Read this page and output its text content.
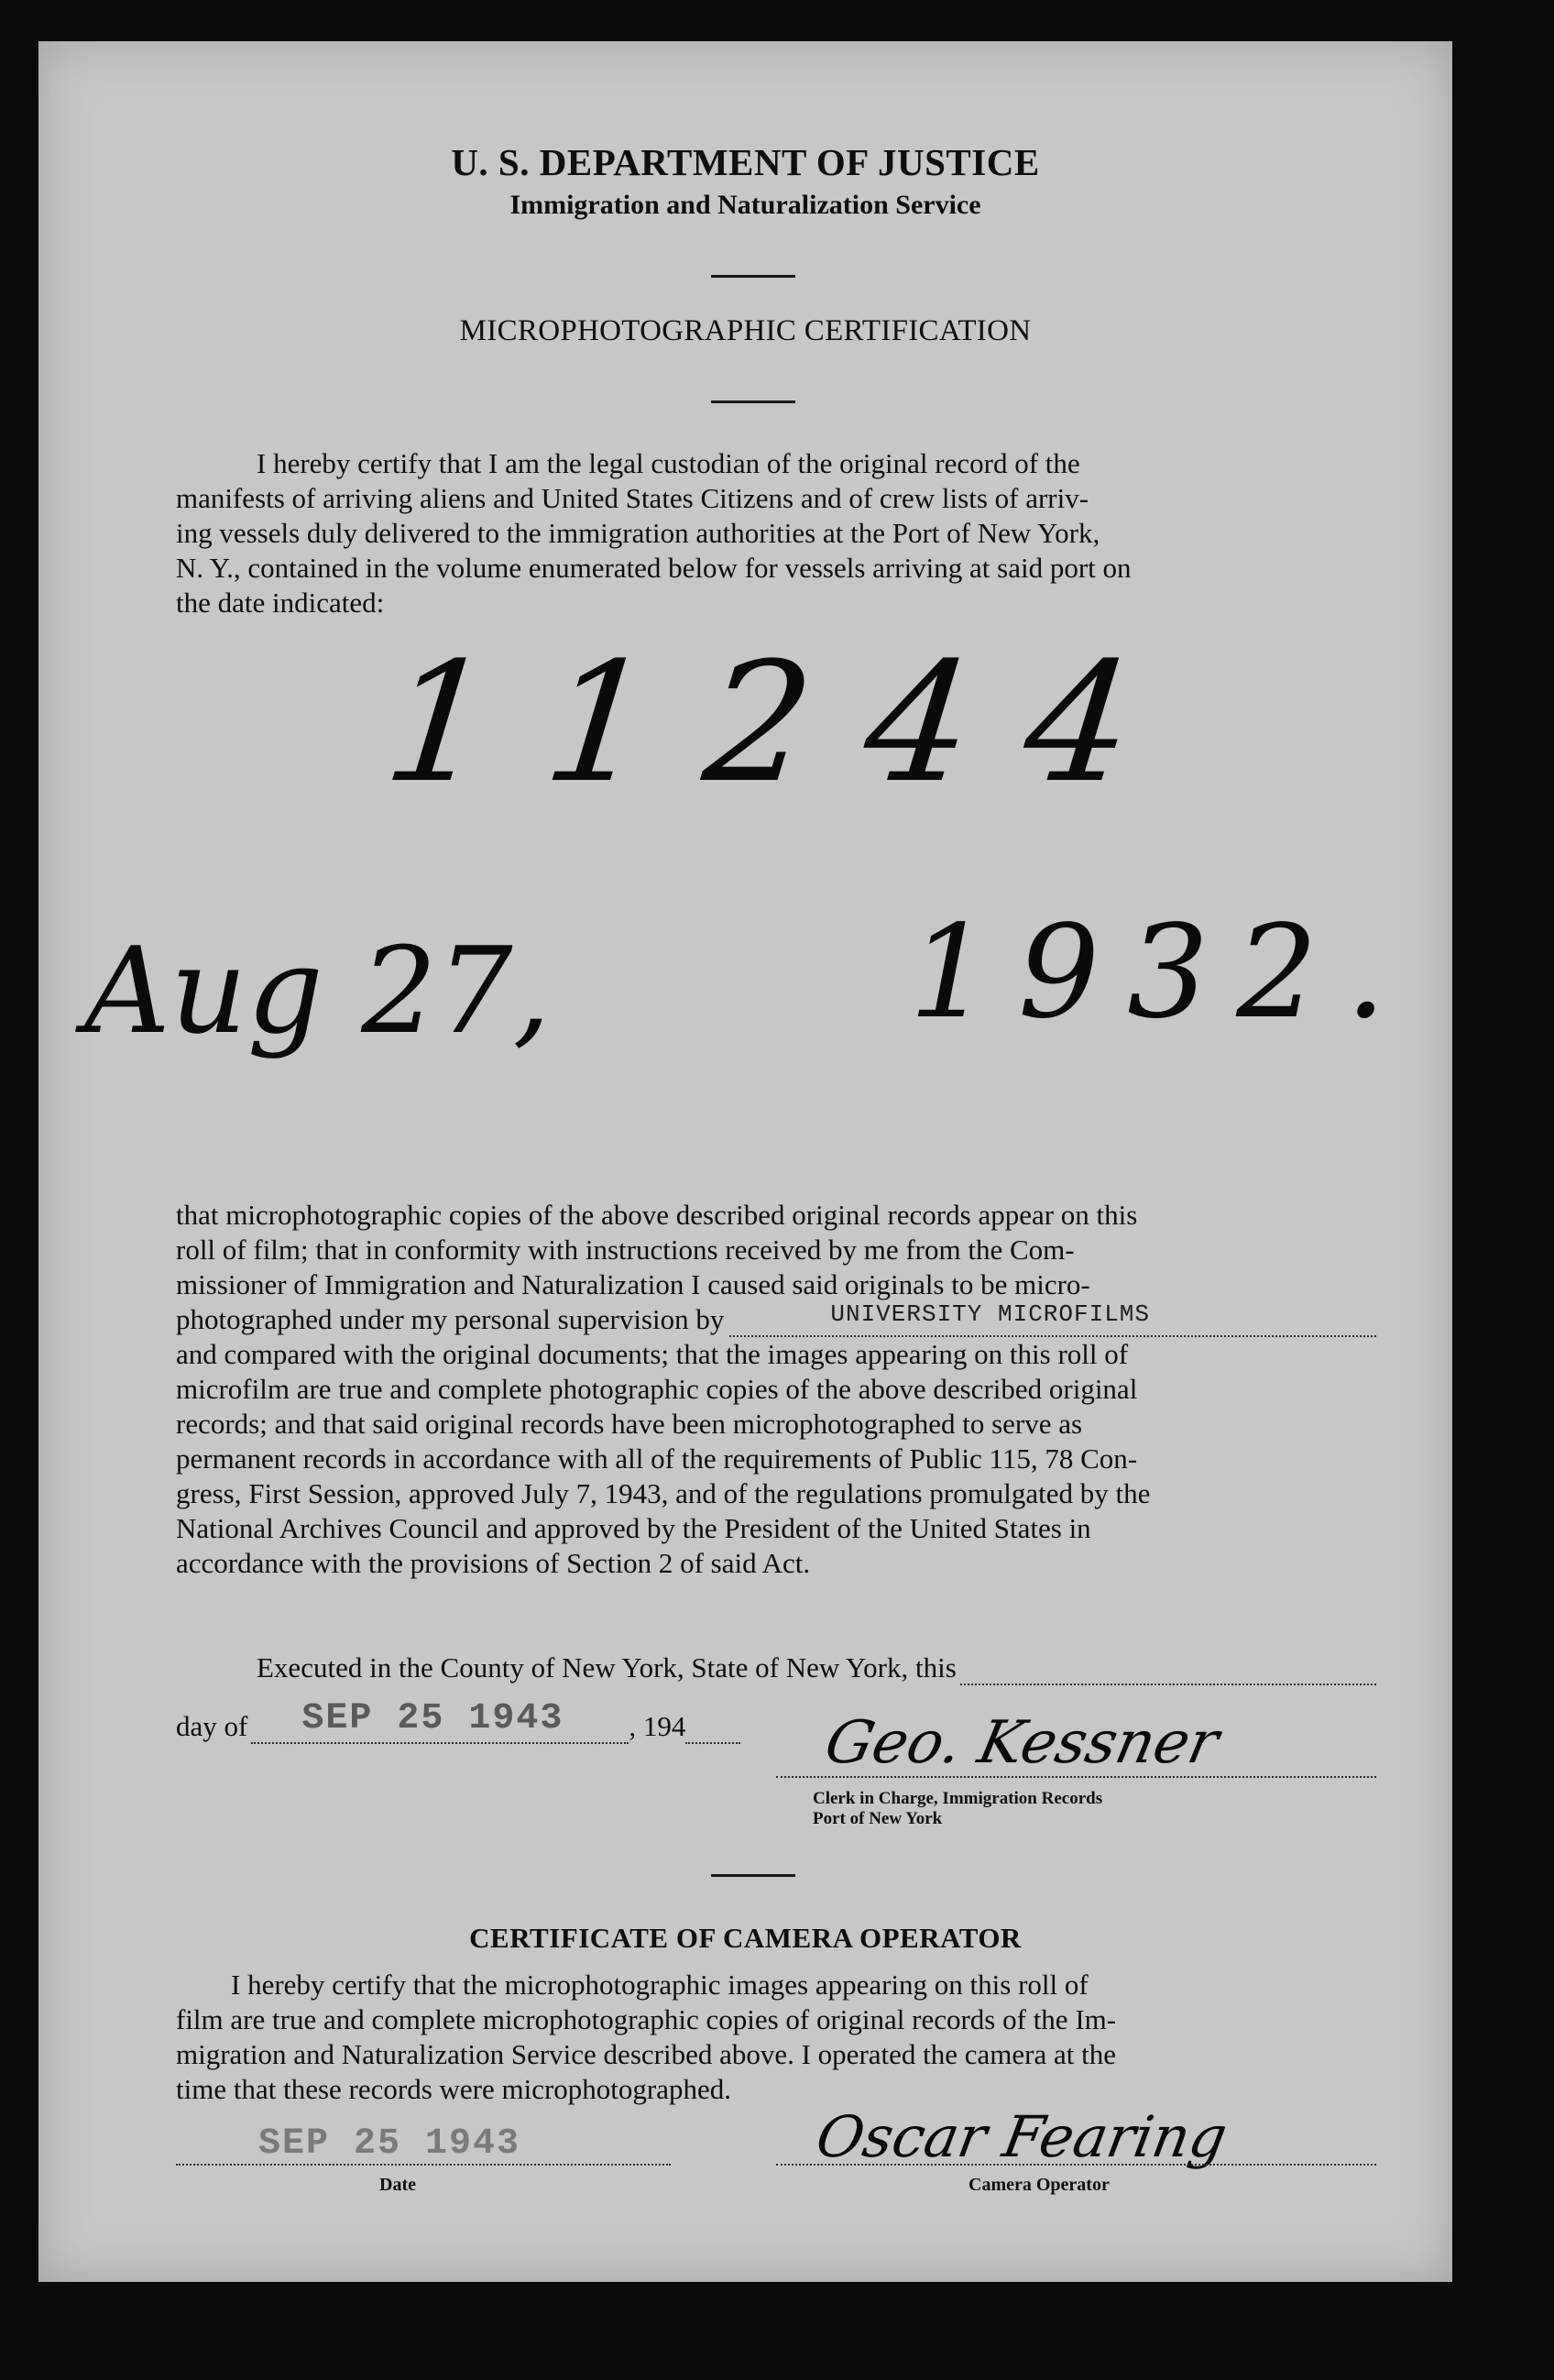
U. S. DEPARTMENT OF JUSTICE
Immigration and Naturalization Service
MICROPHOTOGRAPHIC CERTIFICATION

I hereby certify that I am the legal custodian of the original record of the

manifests of arriving aliens and United States Citizens and of crew lists of arriv-

ing vessels duly delivered to the immigration authorities at the Port of New York,

N. Y., contained in the volume enumerated below for vessels arriving at said port on

the date indicated:

11244
Aug 27,	1932.

that microphotographic copies of the above described original records appear on this

roll of film; that in conformity with instructions received by me from the Com-

missioner of Immigration and Naturalization I caused said originals to be micro-

photographed under my personal supervision by	UNIVERSITY MICROFILMS

and compared with the original documents; that the images appearing on this roll of

microfilm are true and complete photographic copies of the above described original

records; and that said original records have been microphotographed to serve as

permanent records in accordance with all of the requirements of Public 115, 78 Con-

gress, First Session, approved July 7, 1943, and of the regulations promulgated by the

National Archives Council and approved by the President of the United States in

accordance with the provisions of Section 2 of said Act.

Executed in the County of New York, State of New York, this
day of SEP 25 1943 , 194 Geo. Kessner
Clerk in Charge, Immigration Records
Port of New York
CERTIFICATE OF CAMERA OPERATOR

I hereby certify that the microphotographic images appearing on this roll of

film are true and complete microphotographic copies of original records of the Im-

migration and Naturalization Service described above. I operated the camera at the

time that these records were microphotographed.

SEP 25 1943
Date
Oscar Fearing
Camera Operator
